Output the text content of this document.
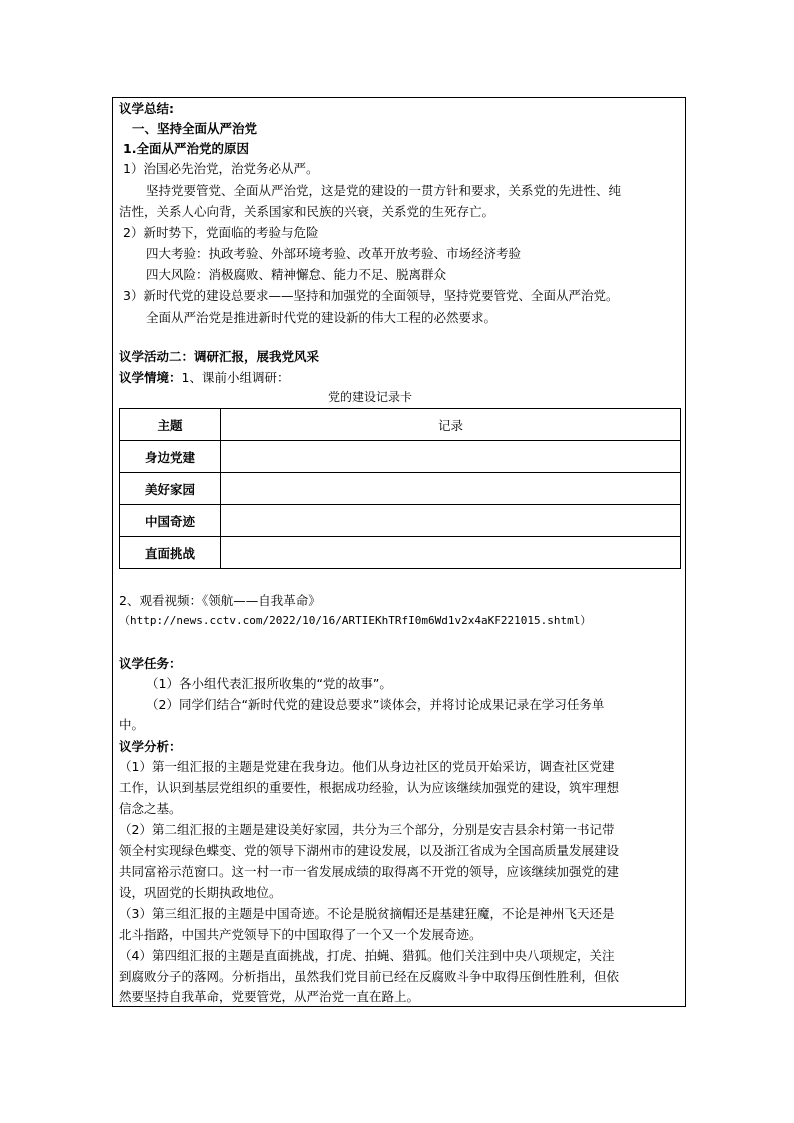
议学总结:
一、坚持全面从严治党
1.全面从严治党的原因
1）治国必先治党，治党务必从严。
坚持党要管党、全面从严治党，这是党的建设的一贯方针和要求，关系党的先进性、纯
洁性，关系人心向背，关系国家和民族的兴衰，关系党的生死存亡。
2）新时势下，党面临的考验与危险
四大考验：执政考验、外部环境考验、改革开放考验、市场经济考验
四大风险：消极腐败、精神懈怠、能力不足、脱离群众
3）新时代党的建设总要求——坚持和加强党的全面领导，坚持党要管党、全面从严治党。
全面从严治党是推进新时代党的建设新的伟大工程的必然要求。
议学活动二：调研汇报，展我党风采
议学情境：1、课前小组调研：
党的建设记录卡
主题	记录
身边党建	
美好家园	
中国奇迹	
直面挑战	
2、观看视频：《领航——自我革命》
（http://news.cctv.com/2022/10/16/ARTIEKhTRfI0m6Wd1v2x4aKF221015.shtml）
议学任务：
（1）各小组代表汇报所收集的“党的故事”。
（2）同学们结合“新时代党的建设总要求”谈体会，并将讨论成果记录在学习任务单
中。
议学分析：
（1）第一组汇报的主题是党建在我身边。他们从身边社区的党员开始采访，调查社区党建
工作，认识到基层党组织的重要性，根据成功经验，认为应该继续加强党的建设，筑牢理想
信念之基。
（2）第二组汇报的主题是建设美好家园，共分为三个部分，分别是安吉县余村第一书记带
领全村实现绿色蝶变、党的领导下湖州市的建设发展，以及浙江省成为全国高质量发展建设
共同富裕示范窗口。这一村一市一省发展成绩的取得离不开党的领导，应该继续加强党的建
设，巩固党的长期执政地位。
（3）第三组汇报的主题是中国奇迹。不论是脱贫摘帽还是基建狂魔，不论是神州飞天还是
北斗指路，中国共产党领导下的中国取得了一个又一个发展奇迹。
（4）第四组汇报的主题是直面挑战，打虎、拍蝇、猎狐。他们关注到中央八项规定，关注
到腐败分子的落网。分析指出，虽然我们党目前已经在反腐败斗争中取得压倒性胜利，但依
然要坚持自我革命，党要管党，从严治党一直在路上。
